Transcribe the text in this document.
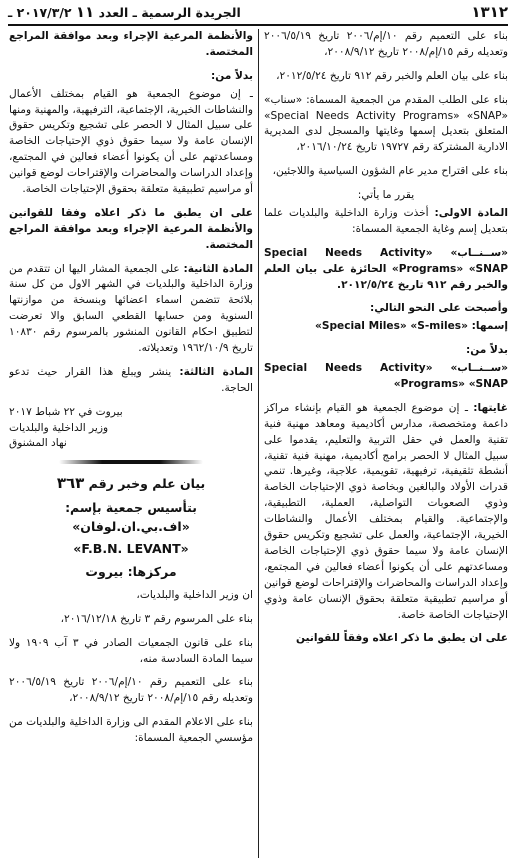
١٣١٢
الجريدة الرسمية ـ العدد ١١ ٢٠١٧/٣/٢ ـ

بناء على التعميم رقم ١٠/إم/٢٠٠٦ تاريخ ٢٠٠٦/٥/١٩ وتعديله رقم ١٥/إم/٢٠٠٨ تاريخ ٢٠٠٨/٩/١٢،

بناء على بيان العلم والخبر رقم ٩١٢ تاريخ ٢٠١٢/٥/٢٤،

بناء على الطلب المقدم من الجمعية المسماة: «سناب» «Special Needs Activity Programs» «SNAP» المتعلق بتعديل إسمها وغايتها والمسجل لدى المديرية الادارية المشتركة رقم ١٩٧٢٧ تاريخ ٢٠١٦/١٠/٢٤،

بناء على اقتراح مدير عام الشؤون السياسية واللاجئين،

يقرر ما يأتي:

المادة الاولى: أخذت وزارة الداخلية والبلديات علما بتعديل إسم وغاية الجمعية المسماة:

«ســنــاب» «Special Needs Activity Programs» «SNAP» الحائزة على بيان العلم والخبر رقم ٩١٢ تاريخ ٢٠١٢/٥/٢٤.

وأصبحت على النحو التالي:

إسمها: «Special Miles» «S-miles»

بدلاً من:

«ســنــاب» «Special Needs Activity Programs» «SNAP»

غايتها: ـ إن موضوع الجمعية هو القيام بإنشاء مراكز داعمة ومتخصصة، مدارس أكاديمية ومعاهد مهنية فنية تقنية والعمل في حقل التربية والتعليم، يقدموا على سبيل المثال لا الحصر برامج أكاديمية، مهنية فنية تقنية، أنشطة تثقيفية، ترفيهية، تقويمية، علاجية، وغيرها. تنمي قدرات الأولاد والبالغين وبخاصة ذوي الإحتياجات الخاصة وذوي الصعوبات التواصلية، العملية، التطبيقية، والإجتماعية. والقيام بمختلف الأعمال والنشاطات الخيرية، الإجتماعية، والعمل على تشجيع وتكريس حقوق الإنسان عامة ولا سيما حقوق ذوي الإحتياجات الخاصة ومساعدتهم على أن يكونوا أعضاء فعالين في المجتمع، وإعداد الدراسات والمحاضرات والإقتراحات لوضع قوانين أو مراسيم تطبيقية متعلقة بحقوق الإنسان عامة وذوي الإحتياجات الخاصة خاصة.

على ان يطبق ما ذكر اعلاه وفقاً للقوانين

والأنظمة المرعية الإجراء وبعد موافقة المراجع المختصة.

بدلاً من:

ـ إن موضوع الجمعية هو القيام بمختلف الأعمال والنشاطات الخيرية، الإجتماعية، الترفيهية، والمهنية ومنها على سبيل المثال لا الحصر على تشجيع وتكريس حقوق الإنسان عامة ولا سيما حقوق ذوي الإحتياجات الخاصة ومساعدتهم على أن يكونوا أعضاء فعالين في المجتمع، وإعداد الدراسات والمحاضرات والإقتراحات لوضع قوانين أو مراسيم تطبيقية متعلقة بحقوق الإحتياجات الخاصة.

على ان يطبق ما ذكر اعلاه وفقا للقوانين والأنظمة المرعية الإجراء وبعد موافقة المراجع المختصة.

المادة الثانية: على الجمعية المشار اليها ان تتقدم من وزارة الداخلية والبلديات في الشهر الاول من كل سنة بلائحة تتضمن اسماء اعضائها وبنسخة من موازنتها السنوية ومن حسابها القطعي السابق والا تعرضت لتطبيق احكام القانون المنشور بالمرسوم رقم ١٠٨٣٠ تاريخ ١٩٦٢/١٠/٩ وتعديلاته.

المادة الثالثة: ينشر ويبلغ هذا القرار حيث تدعو الحاجة.

بيروت في ٢٢ شباط ٢٠١٧
وزير الداخلية والبلديات
نهاد المشنوق

بيان علم وخبر رقم ٣٦٣
بتأسيس جمعية بإسم: «اف.بي.ان.لوفان»
«F.B.N. LEVANT»
مركزها: بيروت

ان وزير الداخلية والبلديات،

بناء على المرسوم رقم ٣ تاريخ ٢٠١٦/١٢/١٨،

بناء على قانون الجمعيات الصادر في ٣ آب ١٩٠٩ ولا سيما المادة السادسة منه،

بناء على التعميم رقم ١٠/إم/٢٠٠٦ تاريخ ٢٠٠٦/٥/١٩ وتعديله رقم ١٥/إم/٢٠٠٨ تاريخ ٢٠٠٨/٩/١٢،

بناء على الاعلام المقدم الى وزارة الداخلية والبلديات من مؤسسي الجمعية المسماة:
